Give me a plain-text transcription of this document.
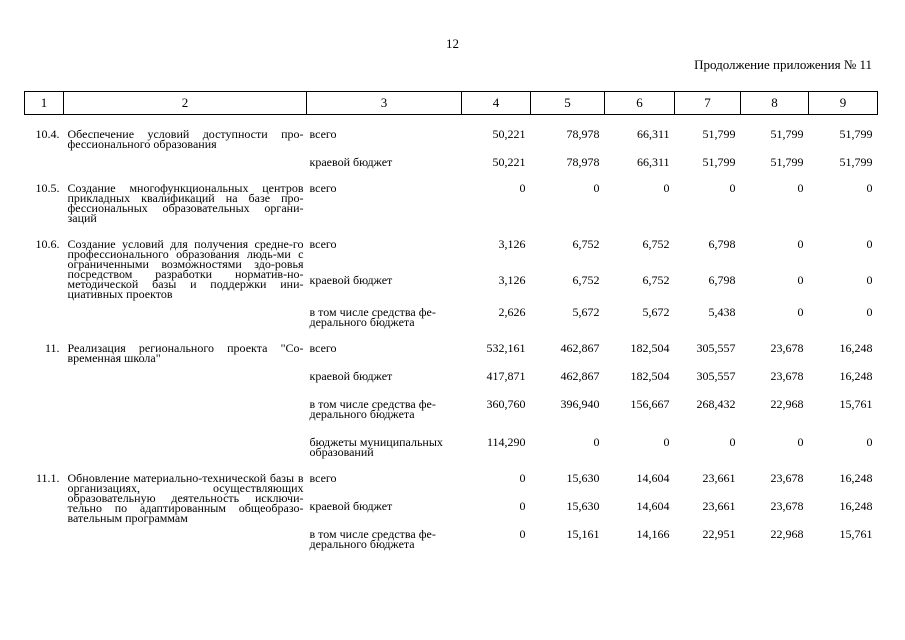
12
Продолжение приложения № 11
1	2	3	4	5	6	7	8	9
10.4.	Обеспечение условий доступности про-фессионального образования	всего	50,221	78,978	66,311	51,799	51,799	51,799
		краевой бюджет	50,221	78,978	66,311	51,799	51,799	51,799
10.5.	Создание многофункциональных центров прикладных квалификаций на базе про-фессиональных образовательных органи-заций	всего	0	0	0	0	0	0
10.6.	Создание условий для получения средне-го профессионального образования людь-ми с ограниченными возможностями здо-ровья посредством разработки норматив-но-методической базы и поддержки ини-циативных проектов	всего	3,126	6,752	6,752	6,798	0	0
		краевой бюджет	3,126	6,752	6,752	6,798	0	0
		в том числе средства фе-дерального бюджета	2,626	5,672	5,672	5,438	0	0
11.	Реализация регионального проекта "Со-временная школа"	всего	532,161	462,867	182,504	305,557	23,678	16,248
		краевой бюджет	417,871	462,867	182,504	305,557	23,678	16,248
		в том числе средства фе-дерального бюджета	360,760	396,940	156,667	268,432	22,968	15,761
		бюджеты муниципальных образований	114,290	0	0	0	0	0
11.1.	Обновление материально-технической базы в организациях, осуществляющих образовательную деятельность исключи-тельно по адаптированным общеобразо-вательным программам	всего	0	15,630	14,604	23,661	23,678	16,248
		краевой бюджет	0	15,630	14,604	23,661	23,678	16,248
		в том числе средства фе-дерального бюджета	0	15,161	14,166	22,951	22,968	15,761
